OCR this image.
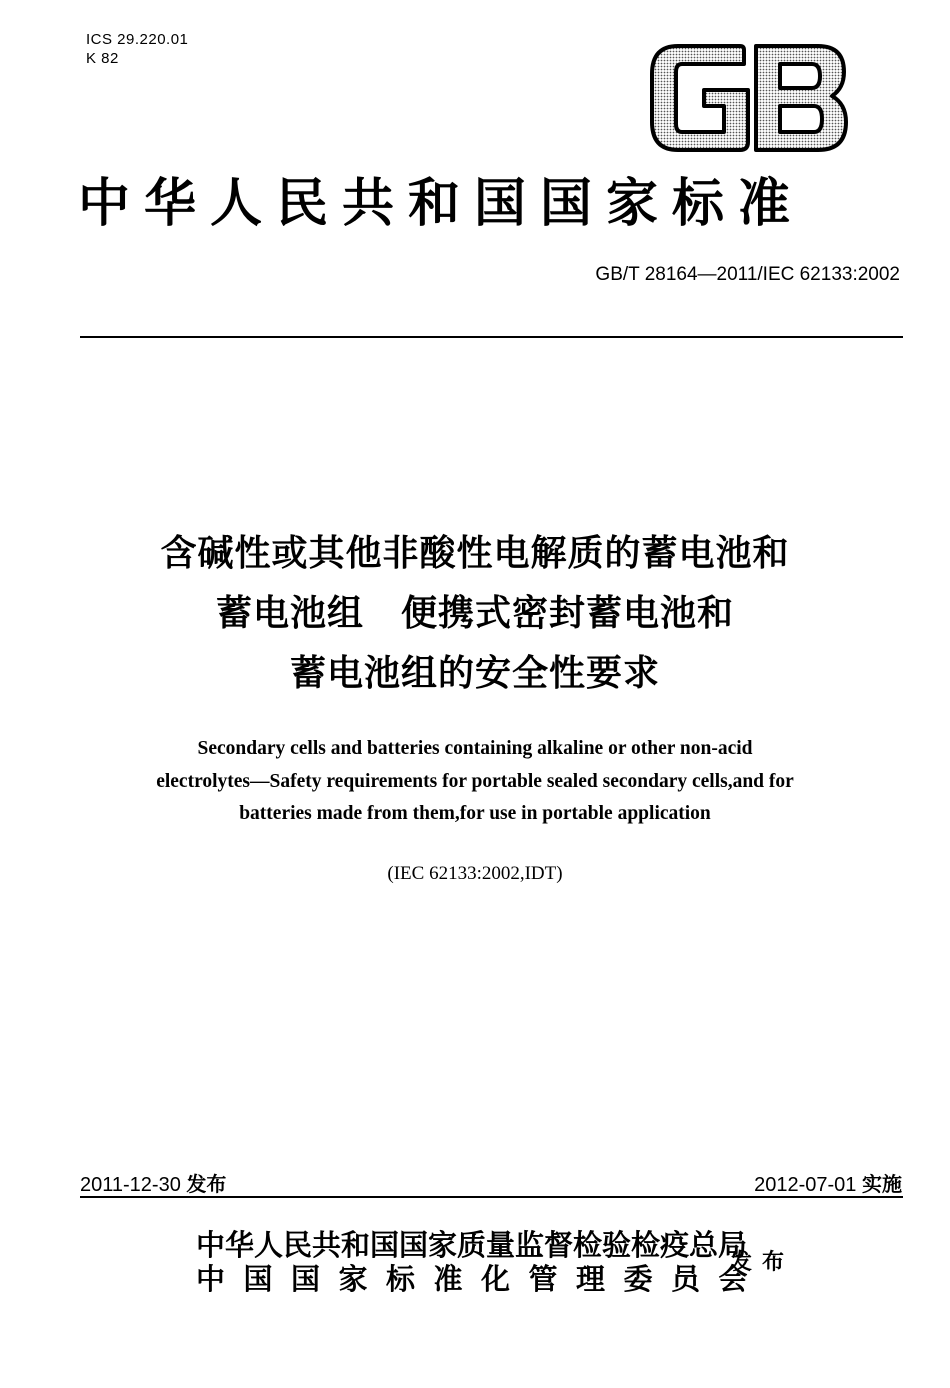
ICS 29.220.01
K 82
中华人民共和国国家标准
GB/T 28164—2011/IEC 62133:2002
含碱性或其他非酸性电解质的蓄电池和
蓄电池组　便携式密封蓄电池和
蓄电池组的安全性要求
Secondary cells and batteries containing alkaline or other non-acid
electrolytes—Safety requirements for portable sealed secondary cells,and for
batteries made from them,for use in portable application
(IEC 62133:2002,IDT)
2011-12-30 发布	2012-07-01 实施
中华人民共和国国家质量监督检验检疫总局
中国国家标准化管理委员会
发布
